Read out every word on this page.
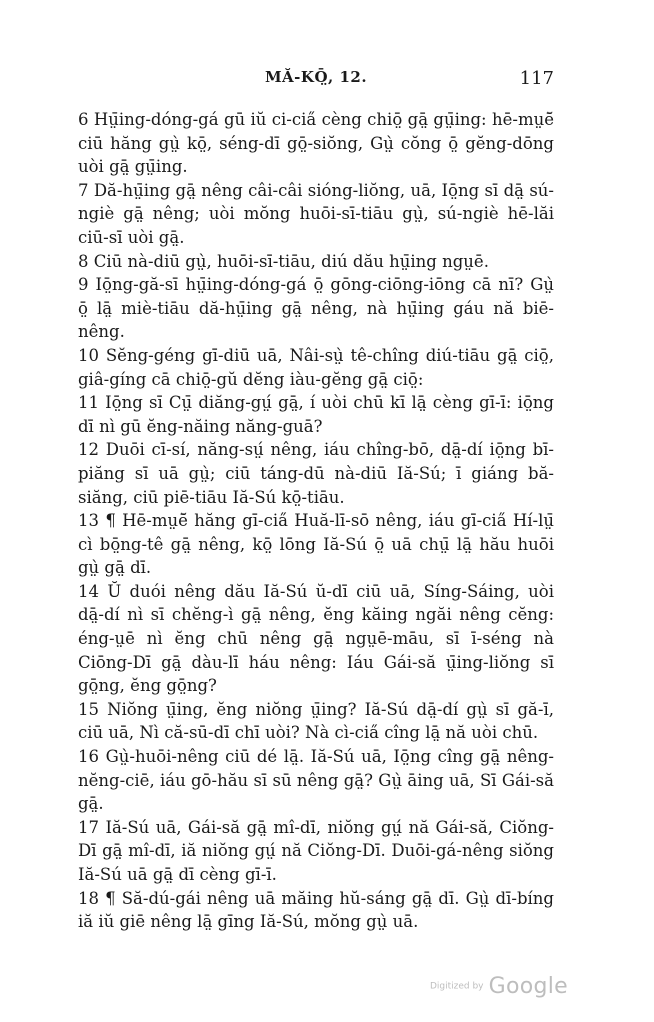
MĂ-KŌ̤, 12.	117

6 Hṳ̄ing-dóng-gá gū iŭ ci-cia̋ cèng chiō̤ gā̤ gṳ̄ing: hē-mṳē̆ ciū hăng gṳ̀ kō̤, séng-dī gō̤-siŏng, Gṳ̀ cŏng ō̤ gĕng-dōng uòi gā̤ gṳ̄ing.

7 Dă-hṳ̄ing gā̤ nêng câi-câi sióng-liŏng, uā, Iō̤ng sī dā̤ sú-ngiè gā̤ nêng; uòi mŏng huōi-sī-tiāu gṳ̀, sú-ngiè hē-lăi ciū-sī uòi gā̤.

8 Ciū nà-diū gṳ̀, huōi-sī-tiāu, diú dău hṳ̄ing ngṳē.

9 Iō̤ng-gă-sī hṳ̄ing-dóng-gá ō̤ gōng-ciōng-iōng cā nī? Gṳ̀ ō̤ lā̤ miè-tiāu dă-hṳ̄ing gā̤ nêng, nà hṳ̄ing gáu nă biē-nêng.

10 Sĕng-géng gī-diū uā, Nâi-sṳ̀ tê-chîng diú-tiāu gā̤ ciō̤, giâ-gíng cā chiō̤-gŭ dĕng iàu-gĕng gā̤ ciō̤:

11 Iō̤ng sī Cṳ̄ diăng-gṳ́ gā̤, í uòi chū kī lā̤ cèng gī-ī: iō̤ng dī nì gū ĕng-năing năng-guā?

12 Duōi cī-sí, năng-sṳ́ nêng, iáu chîng-bō, dā̤-dí iō̤ng bī-piăng sī uā gṳ̀; ciū táng-dū nà-diū Iă-Sú; ī giáng bă-siăng, ciū piē-tiāu Iă-Sú kō̤-tiāu.

13 ¶ Hē-mṳē̆ hăng gī-cia̋ Huă-lī-sō nêng, iáu gī-cia̋ Hí-lṳ̄ cì bō̤ng-tê gā̤ nêng, kō̤ lōng Iă-Sú ō̤ uā chṳ̄ lā̤ hău huōi gṳ̀ gā̤ dī.

14 Ŭ duói nêng dău Iă-Sú ŭ-dī ciū uā, Síng-Sáing, uòi dā̤-dí nì sī chĕng-ì gā̤ nêng, ĕng kăing ngăi nêng cĕng: éng-ṳē nì ĕng chū nêng gā̤ ngṳē-māu, sī ī-séng nà Ciōng-Dī gā̤ dàu-lī háu nêng: Iáu Gái-să ṳ̄ing-liŏng sī gō̤ng, ĕng gō̤ng?

15 Niŏng ṳ̄ing, ĕng niŏng ṳ̄ing? Iă-Sú dā̤-dí gṳ̀ sī gă-ī, ciū uā, Nì că-sū-dī chī uòi? Nà cì-cia̋ cîng lā̤ nă uòi chū.

16 Gṳ̀-huōi-nêng ciū dé lā̤. Iă-Sú uā, Iō̤ng cîng gā̤ nêng-nĕng-ciē, iáu gō-hău sī sū nêng gā̤? Gṳ̀ āing uā, Sī Gái-să gā̤.

17 Iă-Sú uā, Gái-să gā̤ mî-dī, niŏng gṳ́ nă Gái-să, Ciŏng-Dī gā̤ mî-dī, iă niŏng gṳ́ nă Ciŏng-Dī. Duōi-gá-nêng siŏng Iă-Sú uā gā̤ dī cèng gī-ī.

18 ¶ Să-dú-gái nêng uā măing hŭ-sáng gā̤ dī. Gṳ̀ dī-bíng iă iŭ giē nêng lā̤ gīng Iă-Sú, mŏng gṳ̀ uā.

Digitized by Google
